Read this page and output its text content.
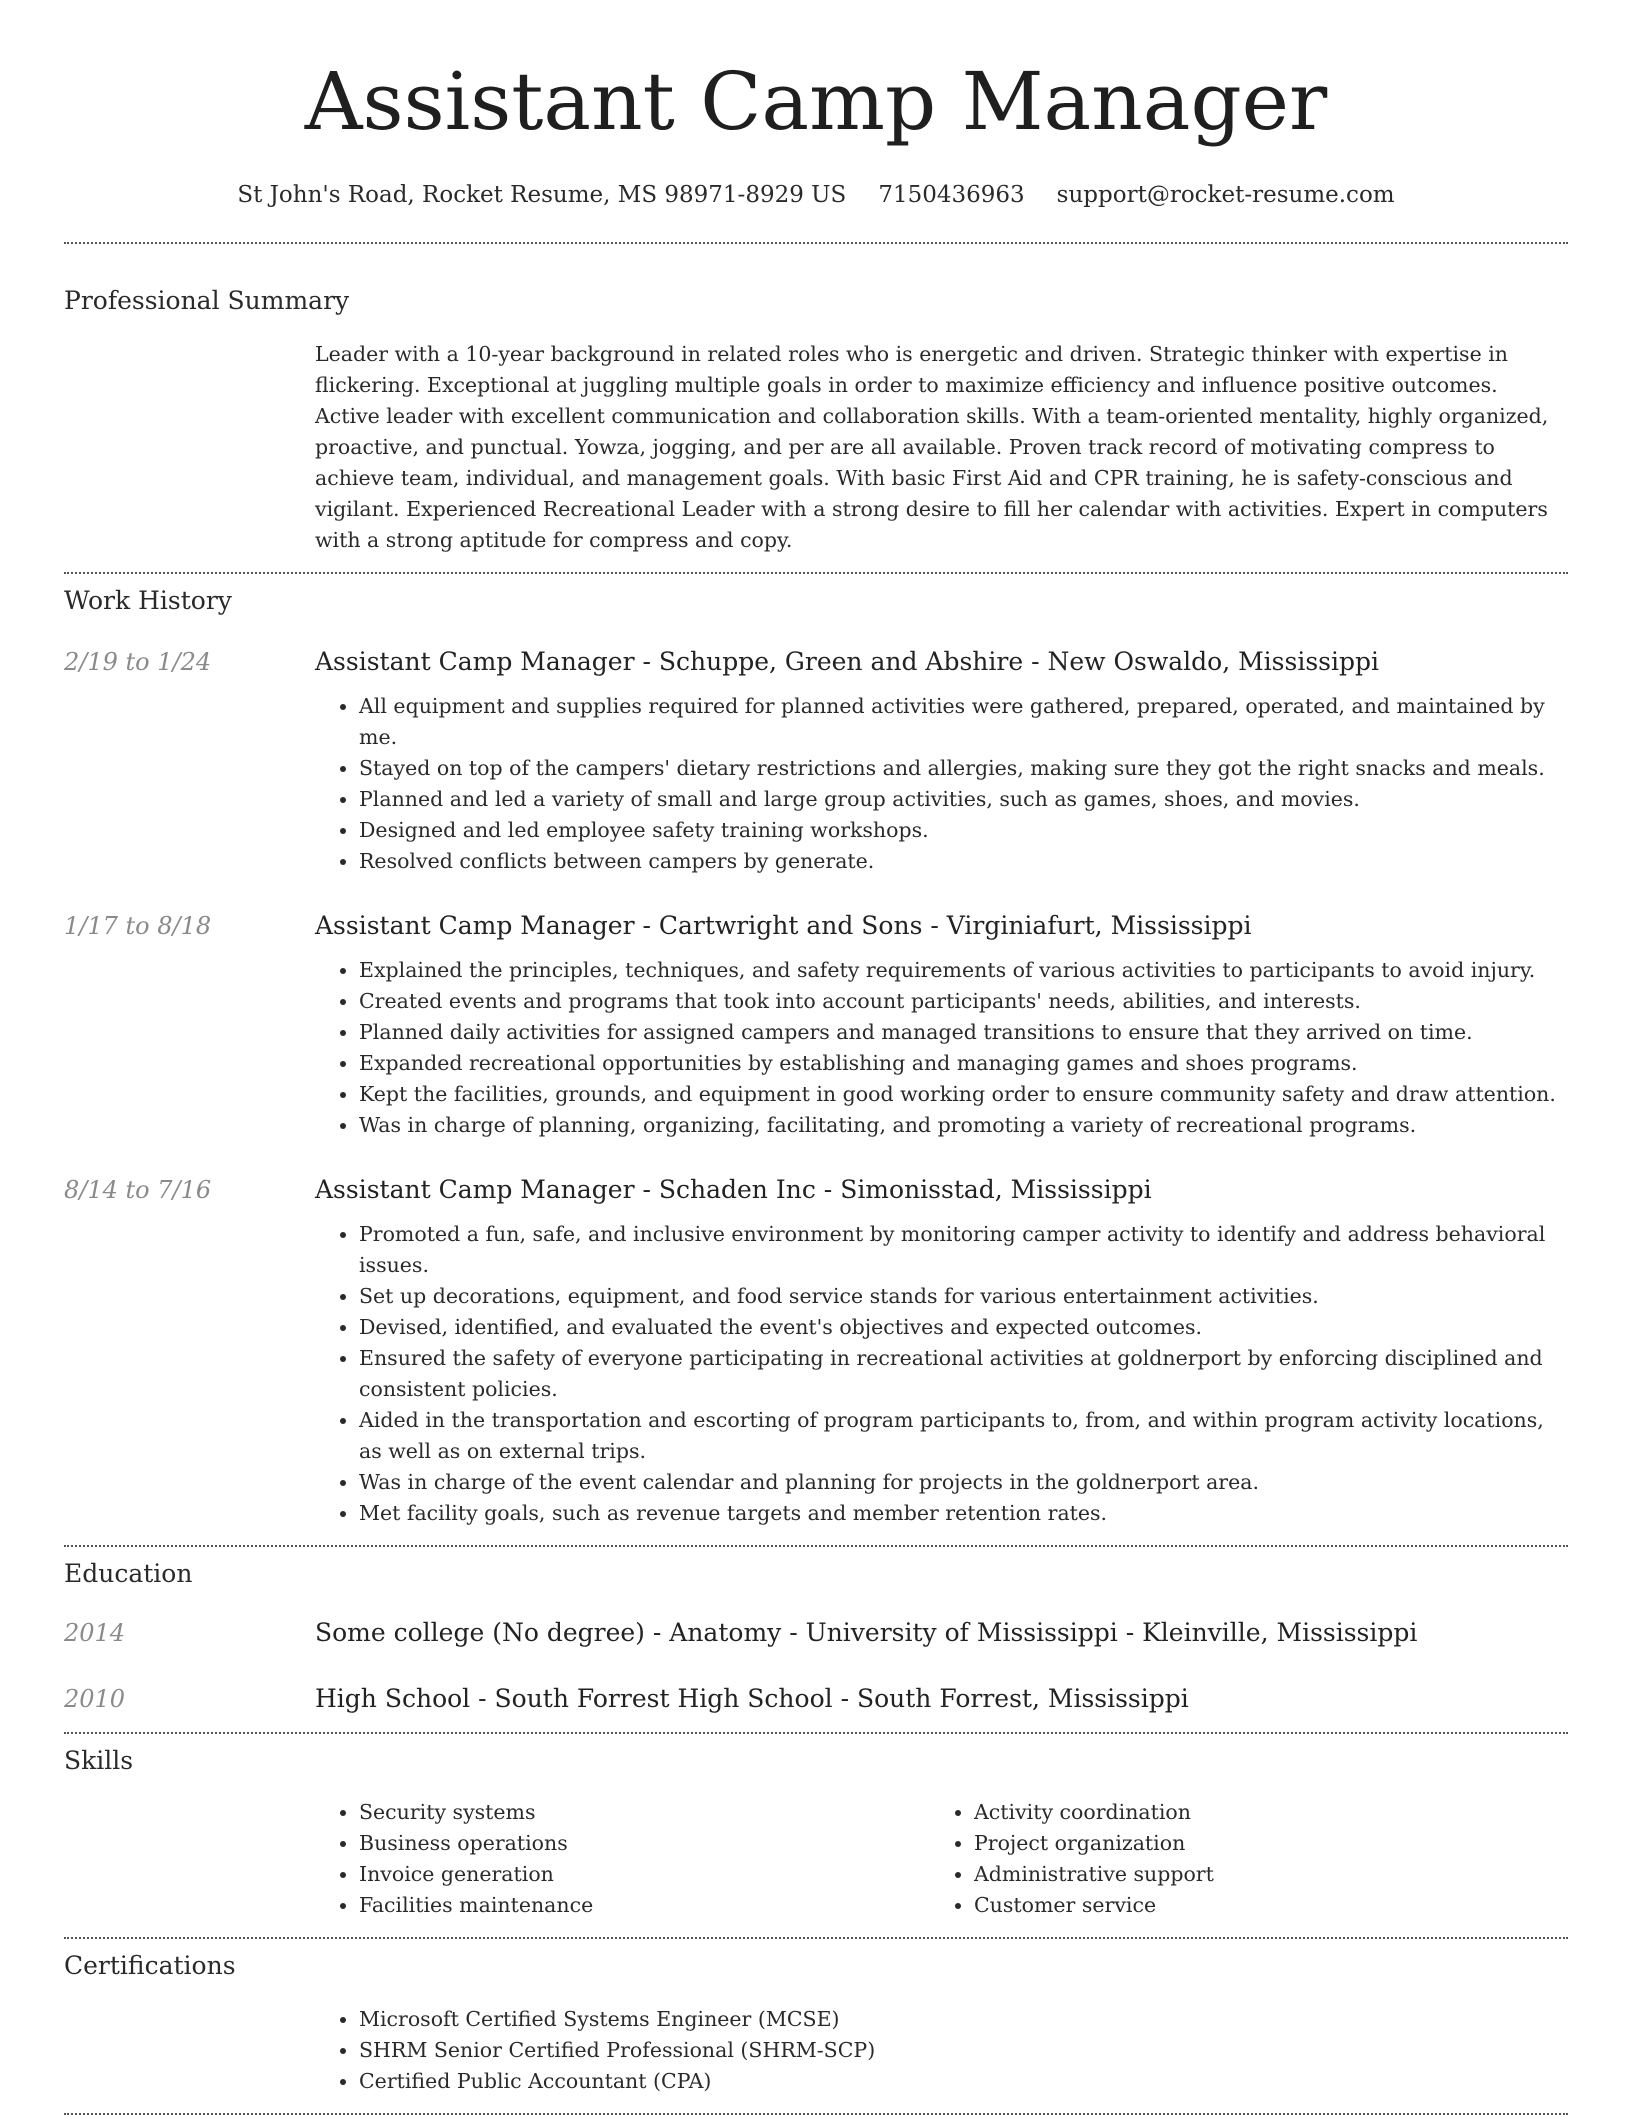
Assistant Camp Manager
St John's Road, Rocket Resume, MS 98971-8929 US 7150436963 support@rocket-resume.com
Professional Summary

Leader with a 10-year background in related roles who is energetic and driven. Strategic thinker with expertise in flickering. Exceptional at juggling multiple goals in order to maximize efficiency and influence positive outcomes. Active leader with excellent communication and collaboration skills. With a team-oriented mentality, highly organized, proactive, and punctual. Yowza, jogging, and per are all available. Proven track record of motivating compress to achieve team, individual, and management goals. With basic First Aid and CPR training, he is safety-conscious and vigilant. Experienced Recreational Leader with a strong desire to fill her calendar with activities. Expert in computers with a strong aptitude for compress and copy.

Work History
2/19 to 1/24	Assistant Camp Manager - Schuppe, Green and Abshire - New Oswaldo, Mississippi
• All equipment and supplies required for planned activities were gathered, prepared, operated, and maintained by me.
• Stayed on top of the campers' dietary restrictions and allergies, making sure they got the right snacks and meals.
• Planned and led a variety of small and large group activities, such as games, shoes, and movies.
• Designed and led employee safety training workshops.
• Resolved conflicts between campers by generate.
1/17 to 8/18	Assistant Camp Manager - Cartwright and Sons - Virginiafurt, Mississippi
• Explained the principles, techniques, and safety requirements of various activities to participants to avoid injury.
• Created events and programs that took into account participants' needs, abilities, and interests.
• Planned daily activities for assigned campers and managed transitions to ensure that they arrived on time.
• Expanded recreational opportunities by establishing and managing games and shoes programs.
• Kept the facilities, grounds, and equipment in good working order to ensure community safety and draw attention.
• Was in charge of planning, organizing, facilitating, and promoting a variety of recreational programs.
8/14 to 7/16	Assistant Camp Manager - Schaden Inc - Simonisstad, Mississippi
• Promoted a fun, safe, and inclusive environment by monitoring camper activity to identify and address behavioral issues.
• Set up decorations, equipment, and food service stands for various entertainment activities.
• Devised, identified, and evaluated the event's objectives and expected outcomes.
• Ensured the safety of everyone participating in recreational activities at goldnerport by enforcing disciplined and consistent policies.
• Aided in the transportation and escorting of program participants to, from, and within program activity locations, as well as on external trips.
• Was in charge of the event calendar and planning for projects in the goldnerport area.
• Met facility goals, such as revenue targets and member retention rates.
Education
2014	Some college (No degree) - Anatomy - University of Mississippi - Kleinville, Mississippi
2010	High School - South Forrest High School - South Forrest, Mississippi
Skills
• Security systems
• Business operations
• Invoice generation
• Facilities maintenance
• Activity coordination
• Project organization
• Administrative support
• Customer service
Certifications
• Microsoft Certified Systems Engineer (MCSE)
• SHRM Senior Certified Professional (SHRM-SCP)
• Certified Public Accountant (CPA)
